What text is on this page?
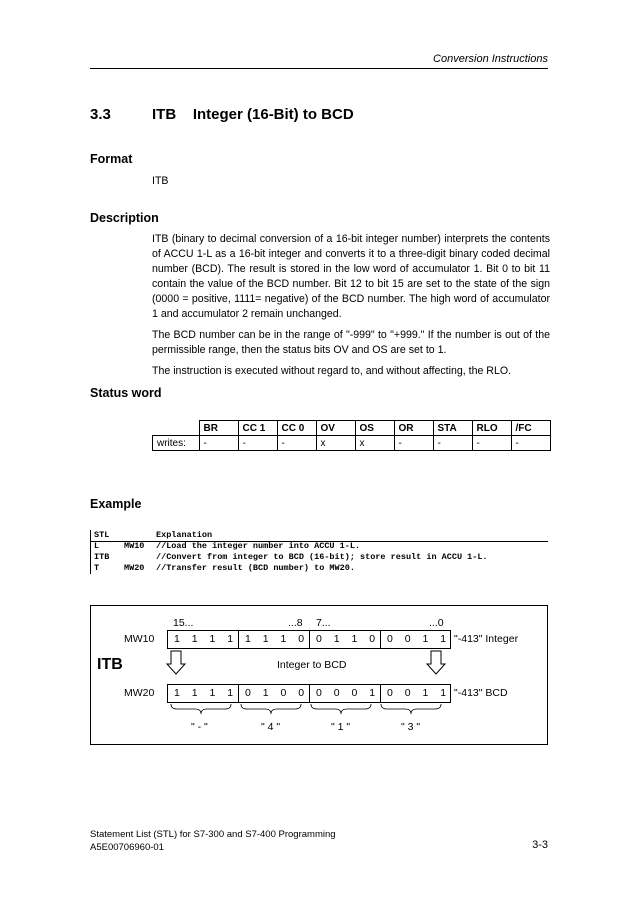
Conversion Instructions
3.3	ITB    Integer (16-Bit) to BCD
Format
ITB
Description

ITB (binary to decimal conversion of a 16-bit integer number) interprets the contents of ACCU 1-L as a 16-bit integer and converts it to a three-digit binary coded decimal number (BCD). The result is stored in the low word of accumulator 1. Bit 0 to bit 11 contain the value of the BCD number. Bit 12 to bit 15 are set to the state of the sign (0000 = positive, 1111= negative) of the BCD number. The high word of accumulator 1 and accumulator 2 remain unchanged.

The BCD number can be in the range of "-999" to "+999." If the number is out of the permissible range, then the status bits OV and OS are set to 1.

The instruction is executed without regard to, and without affecting, the RLO.

Status word
	BR	CC 1	CC 0	OV	OS	OR	STA	RLO	/FC
writes:	-	-	-	x	x	-	-	-	-
Example
STL	Explanation
L	MW10 //Load the integer number into ACCU 1-L.
ITB	//Convert from integer to BCD (16-bit); store result in ACCU 1-L.
T	MW20 //Transfer result (BCD number) to MW20.
ITB
15...	...8 7...	...0
MW10	1	1	1	1	1	1	1	0	0	1	1	0	0	0	1	1 "-413" Integer
Integer to BCD
MW20	1	1	1	1	0	1	0	0	0	0	0	1	0	0	1	1 "-413" BCD
" - "	" 4 "	" 1 "	" 3 "
Statement List (STL) for S7-300 and S7-400 Programming
A5E00706960-01	3-3
